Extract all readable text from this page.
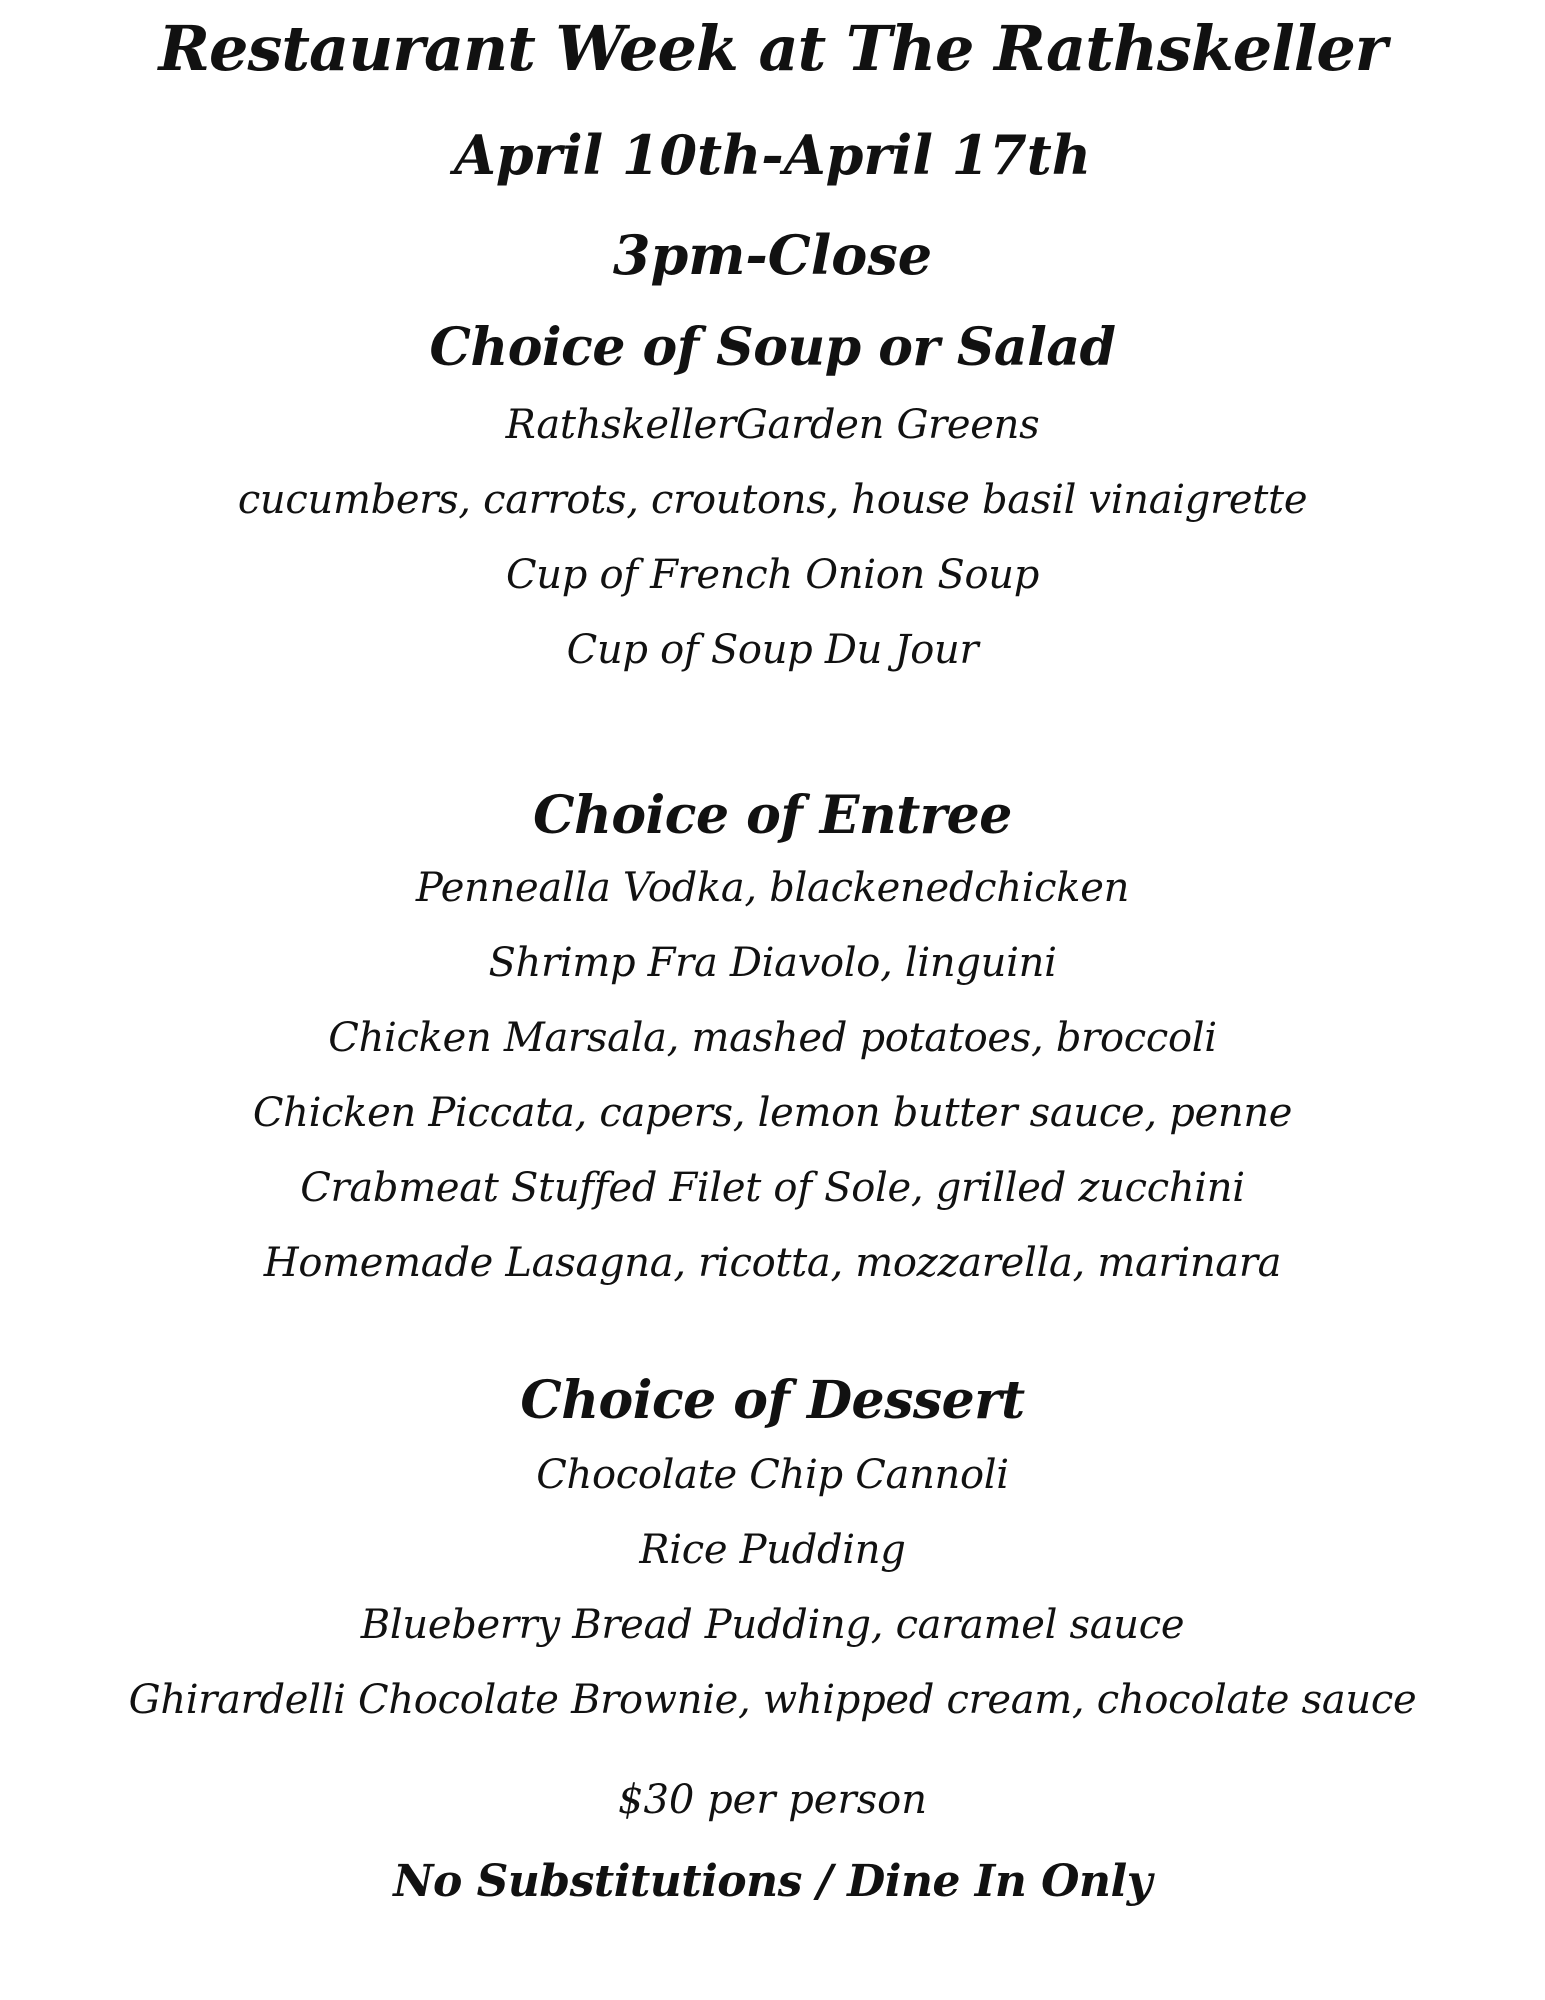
Restaurant Week at The Rathskeller
April 10th-April 17th
3pm-Close
Choice of Soup or Salad
RathskellerGarden Greens
cucumbers, carrots, croutons, house basil vinaigrette
Cup of French Onion Soup
Cup of Soup Du Jour
Choice of Entree
Pennealla Vodka, blackenedchicken
Shrimp Fra Diavolo, linguini
Chicken Marsala, mashed potatoes, broccoli
Chicken Piccata, capers, lemon butter sauce, penne
Crabmeat Stuffed Filet of Sole, grilled zucchini
Homemade Lasagna, ricotta, mozzarella, marinara
Choice of Dessert
Chocolate Chip Cannoli
Rice Pudding
Blueberry Bread Pudding, caramel sauce
Ghirardelli Chocolate Brownie, whipped cream, chocolate sauce
$30 per person
No Substitutions / Dine In Only
